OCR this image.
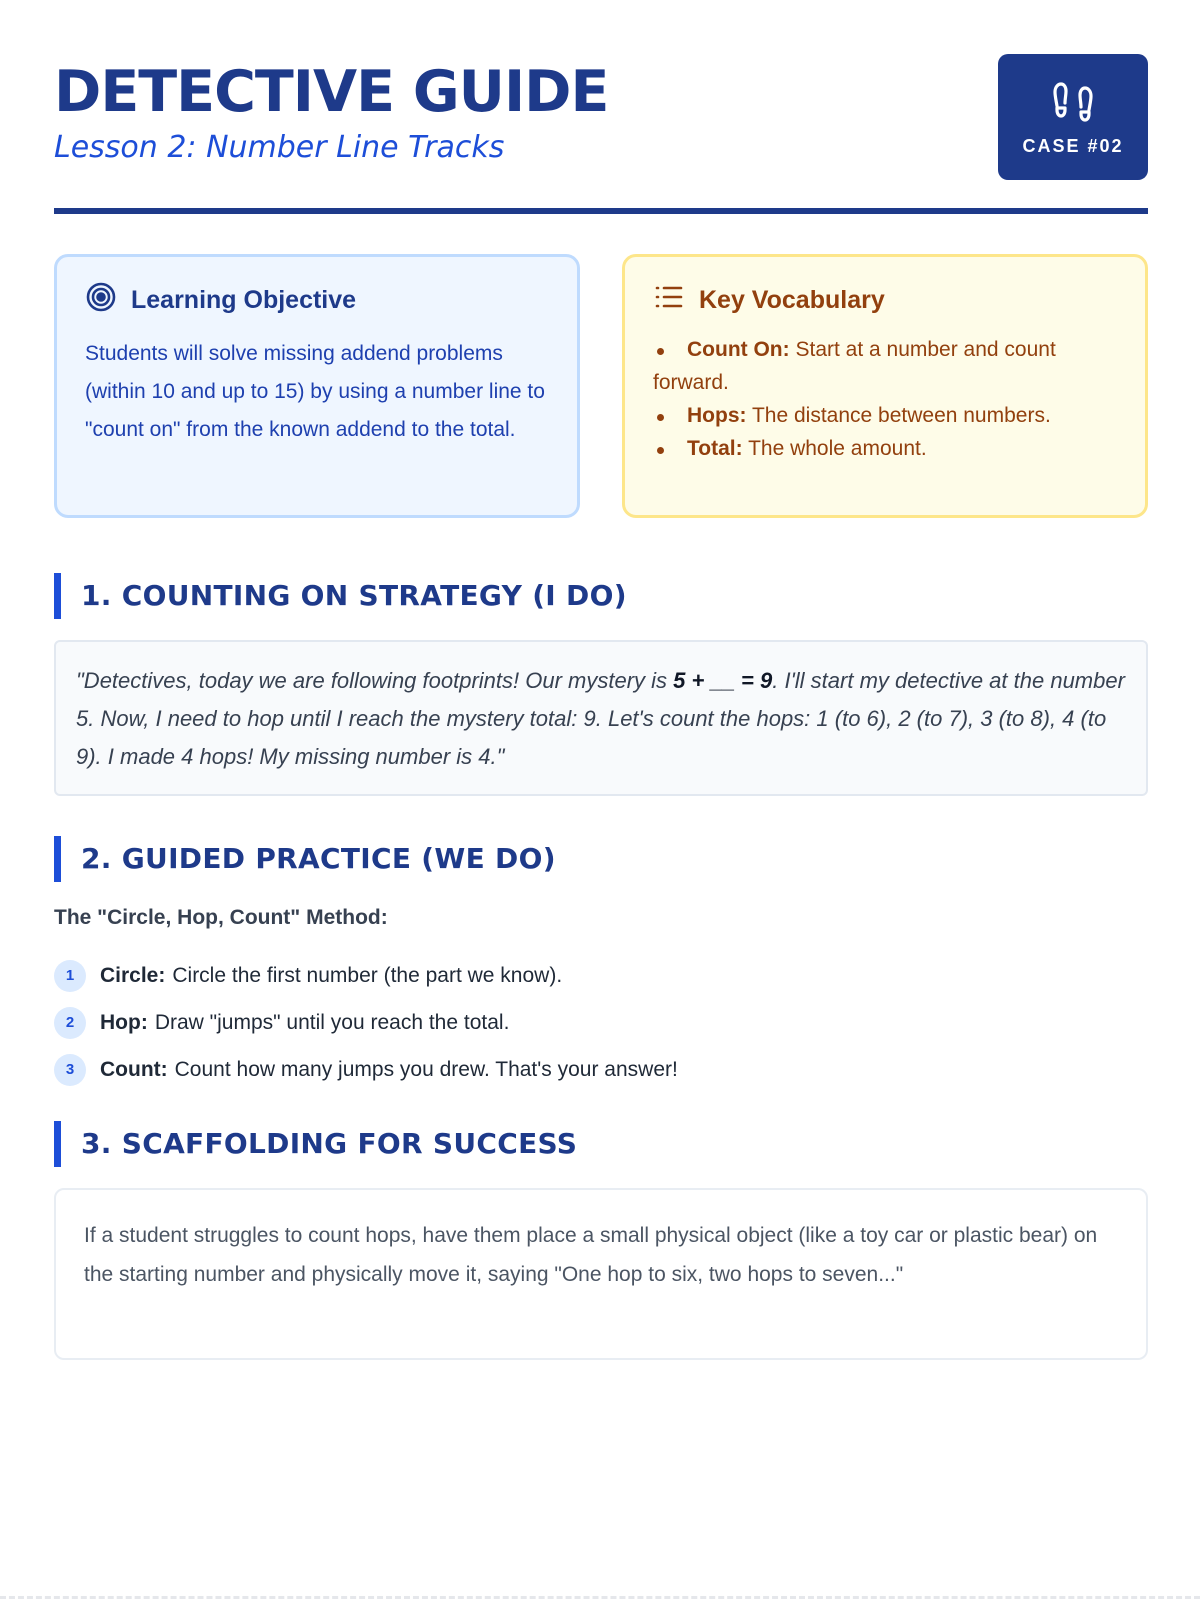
DETECTIVE GUIDE
Lesson 2: Number Line Tracks	CASE #02
Learning Objective

Students will solve missing addend problems (within 10 and up to 15) by using a number line to "count on" from the known addend to the total.

Key Vocabulary
Count On: Start at a number and count forward.
Hops: The distance between numbers.
Total: The whole amount.
1. COUNTING ON STRATEGY (I DO)
"Detectives, today we are following footprints! Our mystery is 5 + __ = 9. I'll start my detective at the number 5. Now, I need to hop until I reach the mystery total: 9. Let's count the hops: 1 (to 6), 2 (to 7), 3 (to 8), 4 (to 9). I made 4 hops! My missing number is 4."
2. GUIDED PRACTICE (WE DO)
The "Circle, Hop, Count" Method:
1	Circle: Circle the first number (the part we know).
2	Hop: Draw "jumps" until you reach the total.
3	Count: Count how many jumps you drew. That's your answer!
3. SCAFFOLDING FOR SUCCESS
If a student struggles to count hops, have them place a small physical object (like a toy car or plastic bear) on the starting number and physically move it, saying "One hop to six, two hops to seven..."
